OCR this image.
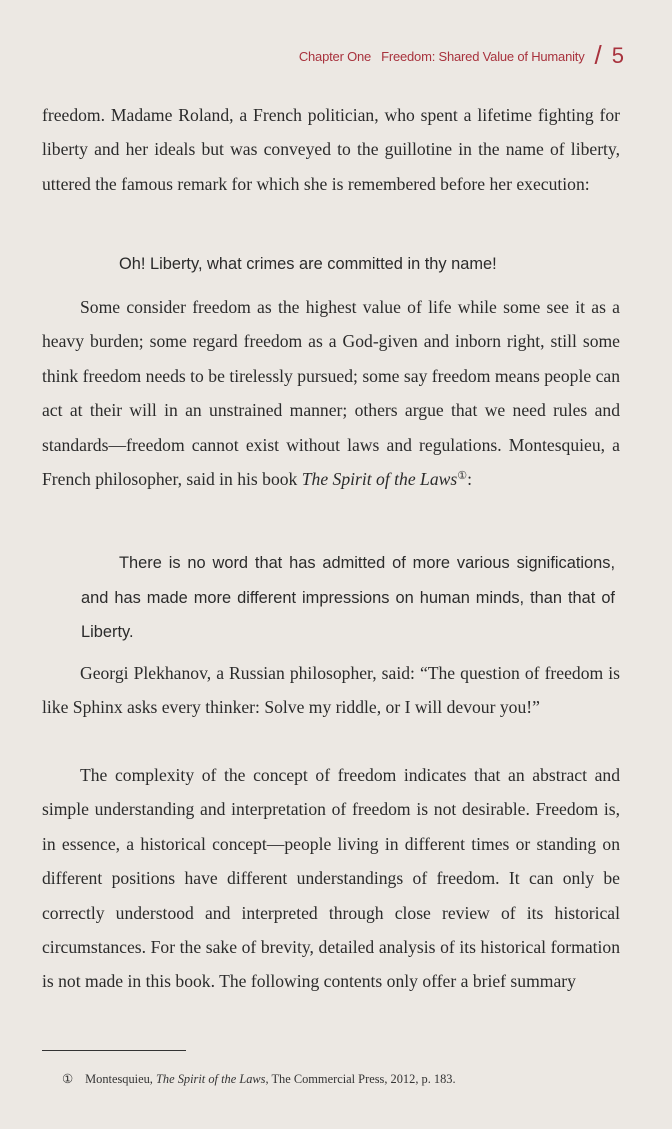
Chapter One Freedom: Shared Value of Humanity / 5

freedom. Madame Roland, a French politician, who spent a lifetime fighting for liberty and her ideals but was conveyed to the guillotine in the name of liberty, uttered the famous remark for which she is remembered before her execution:

Oh! Liberty, what crimes are committed in thy name!

Some consider freedom as the highest value of life while some see it as a heavy burden; some regard freedom as a God-given and inborn right, still some think freedom needs to be tirelessly pursued; some say freedom means people can act at their will in an unstrained manner; others argue that we need rules and standards—freedom cannot exist without laws and regulations. Montesquieu, a French philosopher, said in his book The Spirit of the Laws①:

There is no word that has admitted of more various significations, and has made more different impressions on human minds, than that of Liberty.

Georgi Plekhanov, a Russian philosopher, said: “The question of freedom is like Sphinx asks every thinker: Solve my riddle, or I will devour you!”

The complexity of the concept of freedom indicates that an abstract and simple understanding and interpretation of freedom is not desirable. Freedom is, in essence, a historical concept—people living in different times or standing on different positions have different understandings of freedom. It can only be correctly understood and interpreted through close review of its historical circumstances. For the sake of brevity, detailed analysis of its historical formation is not made in this book. The following contents only offer a brief summary

① Montesquieu, The Spirit of the Laws, The Commercial Press, 2012, p. 183.
